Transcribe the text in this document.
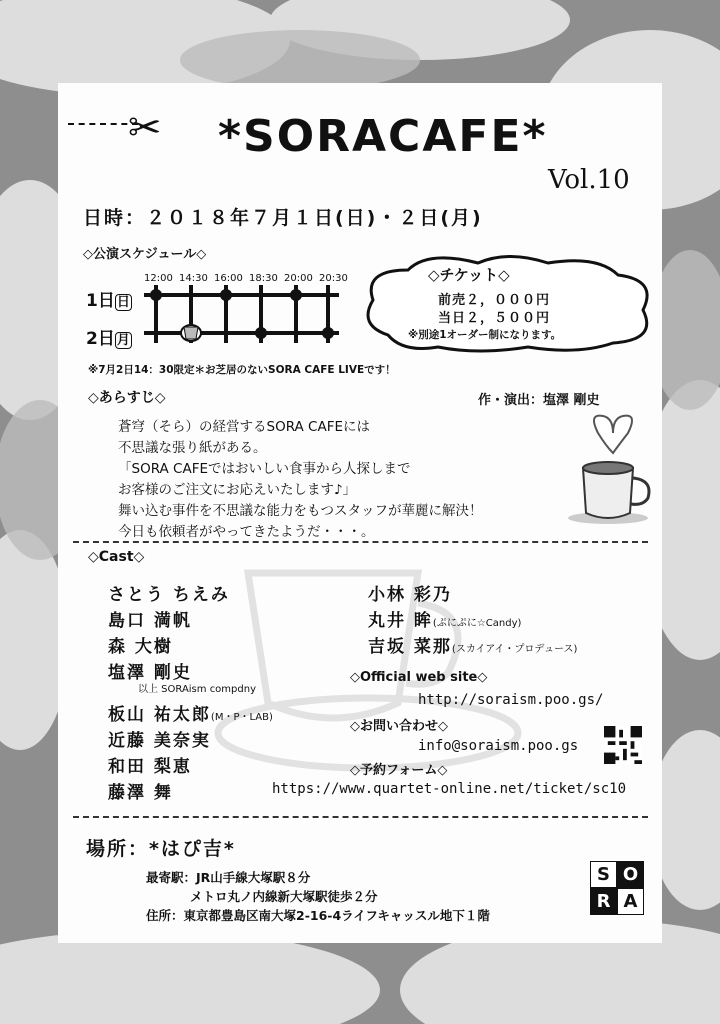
✂ *SORACAFE*
Vol.10
日時：２０１８年７月１日(日)・２日(月)
◇公演スケジュール◇
12:00 14:30 16:00 18:30 20:00 20:30
1日 日
2日 月
◇チケット◇
前売２，０００円
当日２，５００円
※別途1オーダー制になります。
※7月2日14：30限定＊お芝居のないSORA CAFE LIVEです！
◇あらすじ◇	作・演出：塩澤 剛史
蒼穹（そら）の経営するSORA CAFEには
不思議な張り紙がある。
「SORA CAFEではおいしい食事から人探しまで
お客様のご注文にお応えいたします♪」
舞い込む事件を不思議な能力をもつスタッフが華麗に解決！
今日も依頼者がやってきたようだ・・・。
◇Cast◇
さとう ちえみ
島口 満帆
森 大樹
塩澤 剛史
以上 SORAism compdny
板山 祐太郎(M・P・LAB)
近藤 美奈実
和田 梨恵
藤澤 舞
小林 彩乃
丸井 眸(ぷにぷに☆Candy)
吉坂 菜那(スカイアイ・プロデュース)
◇Official web site◇
http://soraism.poo.gs/
◇お問い合わせ◇
info@soraism.poo.gs
◇予約フォーム◇
https://www.quartet-online.net/ticket/sc10
場所：*はぴ吉*
最寄駅：JR山手線大塚駅８分
メトロ丸ノ内線新大塚駅徒歩２分
住所：東京都豊島区南大塚2-16-4ライフキャッスル地下１階
S O
R A
